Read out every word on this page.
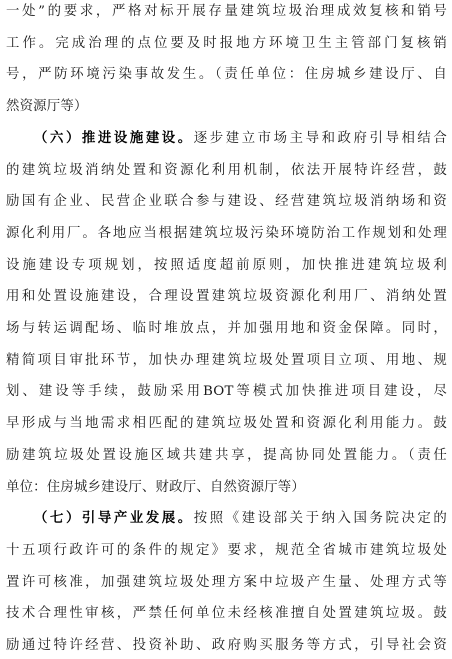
一处”的要求，严格对标开展存量建筑垃圾治理成效复核和销号
工作。完成治理的点位要及时报地方环境卫生主管部门复核销
号，严防环境污染事故发生。（责任单位：住房城乡建设厅、自
然资源厅等）
（六）推进设施建设。逐步建立市场主导和政府引导相结合
的建筑垃圾消纳处置和资源化利用机制，依法开展特许经营，鼓
励国有企业、民营企业联合参与建设、经营建筑垃圾消纳场和资
源化利用厂。各地应当根据建筑垃圾污染环境防治工作规划和处理
设施建设专项规划，按照适度超前原则，加快推进建筑垃圾利
用和处置设施建设，合理设置建筑垃圾资源化利用厂、消纳处置
场与转运调配场、临时堆放点，并加强用地和资金保障。同时，
精简项目审批环节，加快办理建筑垃圾处置项目立项、用地、规
划、建设等手续，鼓励采用BOT等模式加快推进项目建设，尽
早形成与当地需求相匹配的建筑垃圾处置和资源化利用能力。鼓
励建筑垃圾处置设施区域共建共享，提高协同处置能力。（责任
单位：住房城乡建设厅、财政厅、自然资源厅等）
（七）引导产业发展。按照《建设部关于纳入国务院决定的
十五项行政许可的条件的规定》要求，规范全省城市建筑垃圾处
置许可核准，加强建筑垃圾处理方案中垃圾产生量、处理方式等
技术合理性审核，严禁任何单位未经核准擅自处置建筑垃圾。鼓
励通过特许经营、投资补助、政府购买服务等方式，引导社会资
